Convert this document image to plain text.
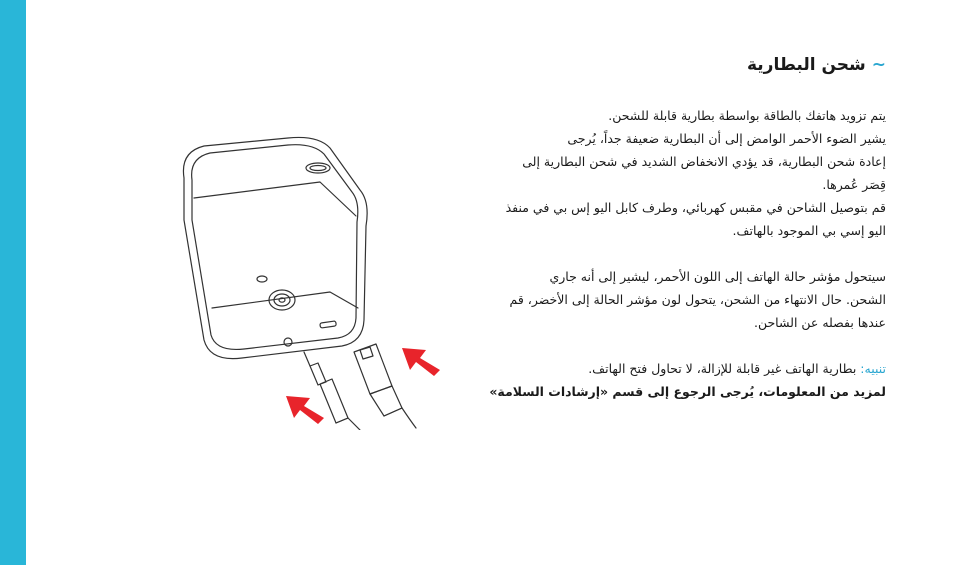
~شحن البطارية

يتم تزويد هاتفك بالطاقة بواسطة بطارية قابلة للشحن.

يشير الضوء الأحمر الوامض إلى أن البطارية ضعيفة جداً، يُرجى

إعادة شحن البطارية، قد يؤدي الانخفاض الشديد في شحن البطارية إلى

قِصَر عُمرها.

قم بتوصيل الشاحن في مقبس كهربائي، وطرف كابل اليو إس بي في منفذ

اليو إسي بي الموجود بالهاتف.

سيتحول مؤشر حالة الهاتف إلى اللون الأحمر، ليشير إلى أنه جاري

الشحن. حال الانتهاء من الشحن، يتحول لون مؤشر الحالة إلى الأخضر، قم

عندها بفصله عن الشاحن.

تنبيه: بطارية الهاتف غير قابلة للإزالة، لا تحاول فتح الهاتف.

لمزيد من المعلومات، يُرجى الرجوع إلى قسم «إرشادات السلامة»
